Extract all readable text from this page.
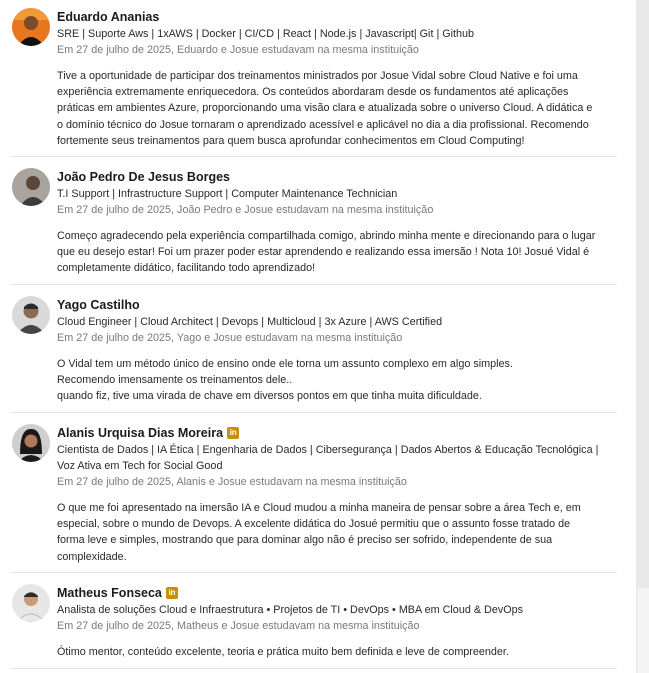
Eduardo Ananias
SRE | Suporte Aws | 1xAWS | Docker | CI/CD | React | Node.js | Javascript| Git | Github
Em 27 de julho de 2025, Eduardo e Josue estudavam na mesma instituição
Tive a oportunidade de participar dos treinamentos ministrados por Josue Vidal sobre Cloud Native e foi uma
experiência extremamente enriquecedora. Os conteúdos abordaram desde os fundamentos até aplicações
práticas em ambientes Azure, proporcionando uma visão clara e atualizada sobre o universo Cloud. A didática e
o domínio técnico do Josue tornaram o aprendizado acessível e aplicável no dia a dia profissional. Recomendo
fortemente seus treinamentos para quem busca aprofundar conhecimentos em Cloud Computing!
João Pedro De Jesus Borges
T.I Support | Infrastructure Support | Computer Maintenance Technician
Em 27 de julho de 2025, João Pedro e Josue estudavam na mesma instituição
Começo agradecendo pela experiência compartilhada comigo, abrindo minha mente e direcionando para o lugar
que eu desejo estar! Foi um prazer poder estar aprendendo e realizando essa imersão ! Nota 10! Josué Vidal é
completamente didático, facilitando todo aprendizado!
Yago Castilho
Cloud Engineer | Cloud Architect | Devops | Multicloud | 3x Azure | AWS Certified
Em 27 de julho de 2025, Yago e Josue estudavam na mesma instituição
O Vidal tem um método único de ensino onde ele torna um assunto complexo em algo simples.
Recomendo imensamente os treinamentos dele..
quando fiz, tive uma virada de chave em diversos pontos em que tinha muita dificuldade.
Alanis Urquisa Dias Moreira in
Cientista de Dados | IA Ética | Engenharia de Dados | Cibersegurança | Dados Abertos & Educação Tecnológica |
Voz Ativa em Tech for Social Good
Em 27 de julho de 2025, Alanis e Josue estudavam na mesma instituição
O que me foi apresentado na imersão IA e Cloud mudou a minha maneira de pensar sobre a área Tech e, em
especial, sobre o mundo de Devops. A excelente didática do Josué permitiu que o assunto fosse tratado de
forma leve e simples, mostrando que para dominar algo não é preciso ser sofrido, independente de sua
complexidade.
Matheus Fonseca in
Analista de soluções Cloud e Infraestrutura • Projetos de TI • DevOps • MBA em Cloud & DevOps
Em 27 de julho de 2025, Matheus e Josue estudavam na mesma instituição
Ótimo mentor, conteúdo excelente, teoria e prática muito bem definida e leve de compreender.
